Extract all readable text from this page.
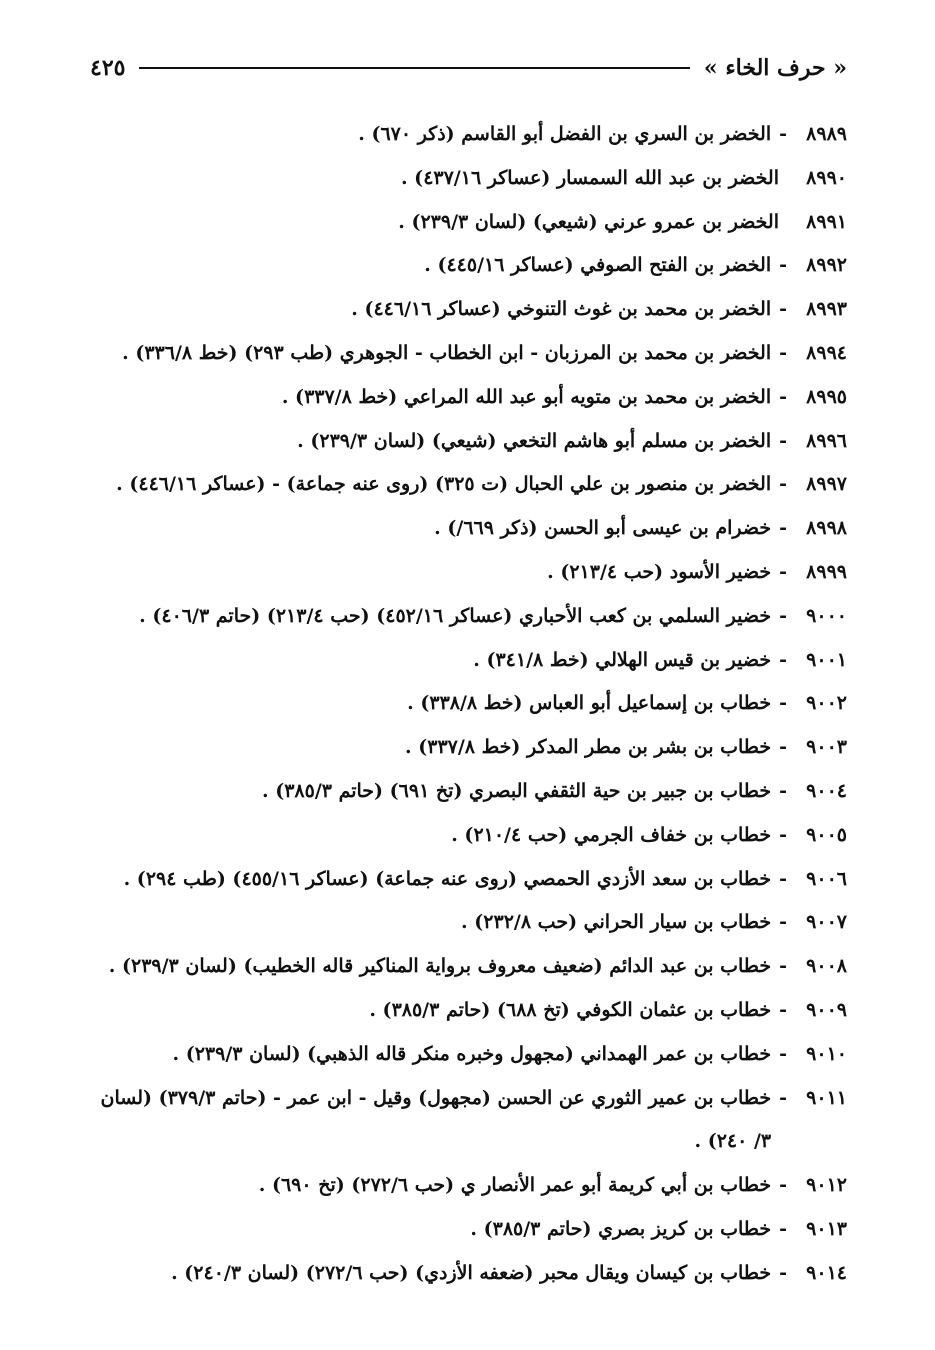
« حرف الخاء »
٤٢٥
٨٩٨٩
-
الخضر بن السري بن الفضل أبو القاسم (ذكر ٦٧٠) .
٨٩٩٠
الخضر بن عبد الله السمسار (عساكر ٤٣٧/١٦) .
٨٩٩١
الخضر بن عمرو عرني (شيعي) (لسان ٢٣٩/٣) .
٨٩٩٢
-
الخضر بن الفتح الصوفي (عساكر ٤٤٥/١٦) .
٨٩٩٣
-
الخضر بن محمد بن غوث التنوخي (عساكر ٤٤٦/١٦) .
٨٩٩٤
-
الخضر بن محمد بن المرزبان - ابن الخطاب - الجوهري (طب ٢٩٣) (خط ٣٣٦/٨) .
٨٩٩٥
-
الخضر بن محمد بن متويه أبو عبد الله المراعي (خط ٣٣٧/٨) .
٨٩٩٦
-
الخضر بن مسلم أبو هاشم التخعي (شيعي) (لسان ٢٣٩/٣) .
٨٩٩٧
-
الخضر بن منصور بن علي الحبال (ت ٣٢٥) (روى عنه جماعة) - (عساكر ٤٤٦/١٦) .
٨٩٩٨
-
خضرام بن عيسى أبو الحسن (ذكر ٦٦٩/) .
٨٩٩٩
-
خضير الأسود (حب ٢١٣/٤) .
٩٠٠٠
-
خضير السلمي بن كعب الأحباري (عساكر ٤٥٢/١٦) (حب ٢١٣/٤) (حاتم ٤٠٦/٣) .
٩٠٠١
-
خضير بن قيس الهلالي (خط ٣٤١/٨) .
٩٠٠٢
-
خطاب بن إسماعيل أبو العباس (خط ٣٣٨/٨) .
٩٠٠٣
-
خطاب بن بشر بن مطر المدكر (خط ٣٣٧/٨) .
٩٠٠٤
-
خطاب بن جبير بن حية الثقفي البصري (تخ ٦٩١) (حاتم ٣٨٥/٣) .
٩٠٠٥
-
خطاب بن خفاف الجرمي (حب ٢١٠/٤) .
٩٠٠٦
-
خطاب بن سعد الأزدي الحمصي (روى عنه جماعة) (عساكر ٤٥٥/١٦) (طب ٢٩٤) .
٩٠٠٧
-
خطاب بن سيار الحراني (حب ٢٣٢/٨) .
٩٠٠٨
-
خطاب بن عبد الدائم (ضعيف معروف برواية المناكير قاله الخطيب) (لسان ٢٣٩/٣) .
٩٠٠٩
-
خطاب بن عثمان الكوفي (تخ ٦٨٨) (حاتم ٣٨٥/٣) .
٩٠١٠
-
خطاب بن عمر الهمداني (مجهول وخبره منكر قاله الذهبي) (لسان ٢٣٩/٣) .
٩٠١١
-
خطاب بن عمير الثوري عن الحسن (مجهول) وقيل - ابن عمر - (حاتم ٣٧٩/٣) (لسان ٣/ ٢٤٠) .
٩٠١٢
-
خطاب بن أبي كريمة أبو عمر الأنصار ي (حب ٢٧٢/٦) (تخ ٦٩٠) .
٩٠١٣
-
خطاب بن كريز بصري (حاتم ٣٨٥/٣) .
٩٠١٤
-
خطاب بن كيسان ويقال محبر (ضعفه الأزدي) (حب ٢٧٢/٦) (لسان ٢٤٠/٣) .
